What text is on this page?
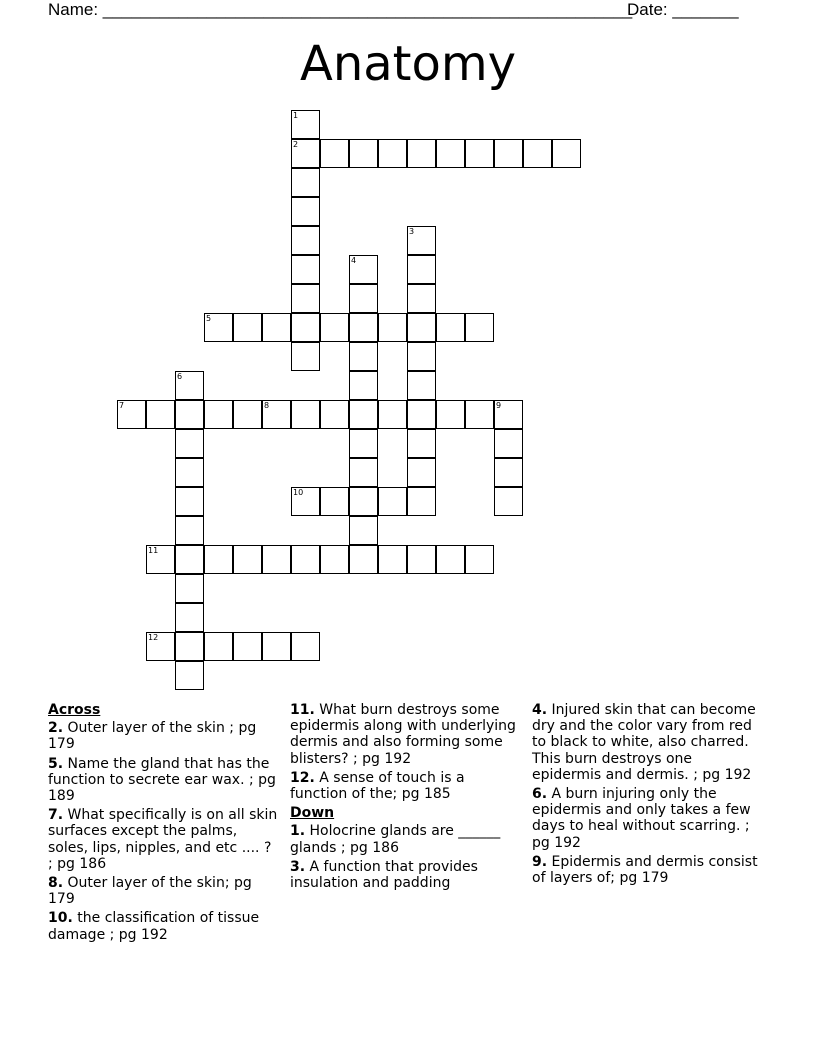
Name: ________________________________________________________
Date: _______
Anatomy
1
2
3
4
5
6
7	8	9
10
11
12
Across
2. Outer layer of the skin ; pg 179
5. Name the gland that has the function to secrete ear wax. ; pg 189
7. What specifically is on all skin surfaces except the palms, soles, lips, nipples, and etc .... ? ; pg 186
8. Outer layer of the skin; pg 179
10. the classification of tissue damage ; pg 192
11. What burn destroys some epidermis along with underlying dermis and also forming some blisters? ; pg 192
12. A sense of touch is a function of the; pg 185
Down
1. Holocrine glands are ______ glands ; pg 186
3. A function that provides insulation and padding
4. Injured skin that can become dry and the color vary from red to black to white, also charred. This burn destroys one epidermis and dermis. ; pg 192
6. A burn injuring only the epidermis and only takes a few days to heal without scarring. ; pg 192
9. Epidermis and dermis consist of layers of; pg 179
